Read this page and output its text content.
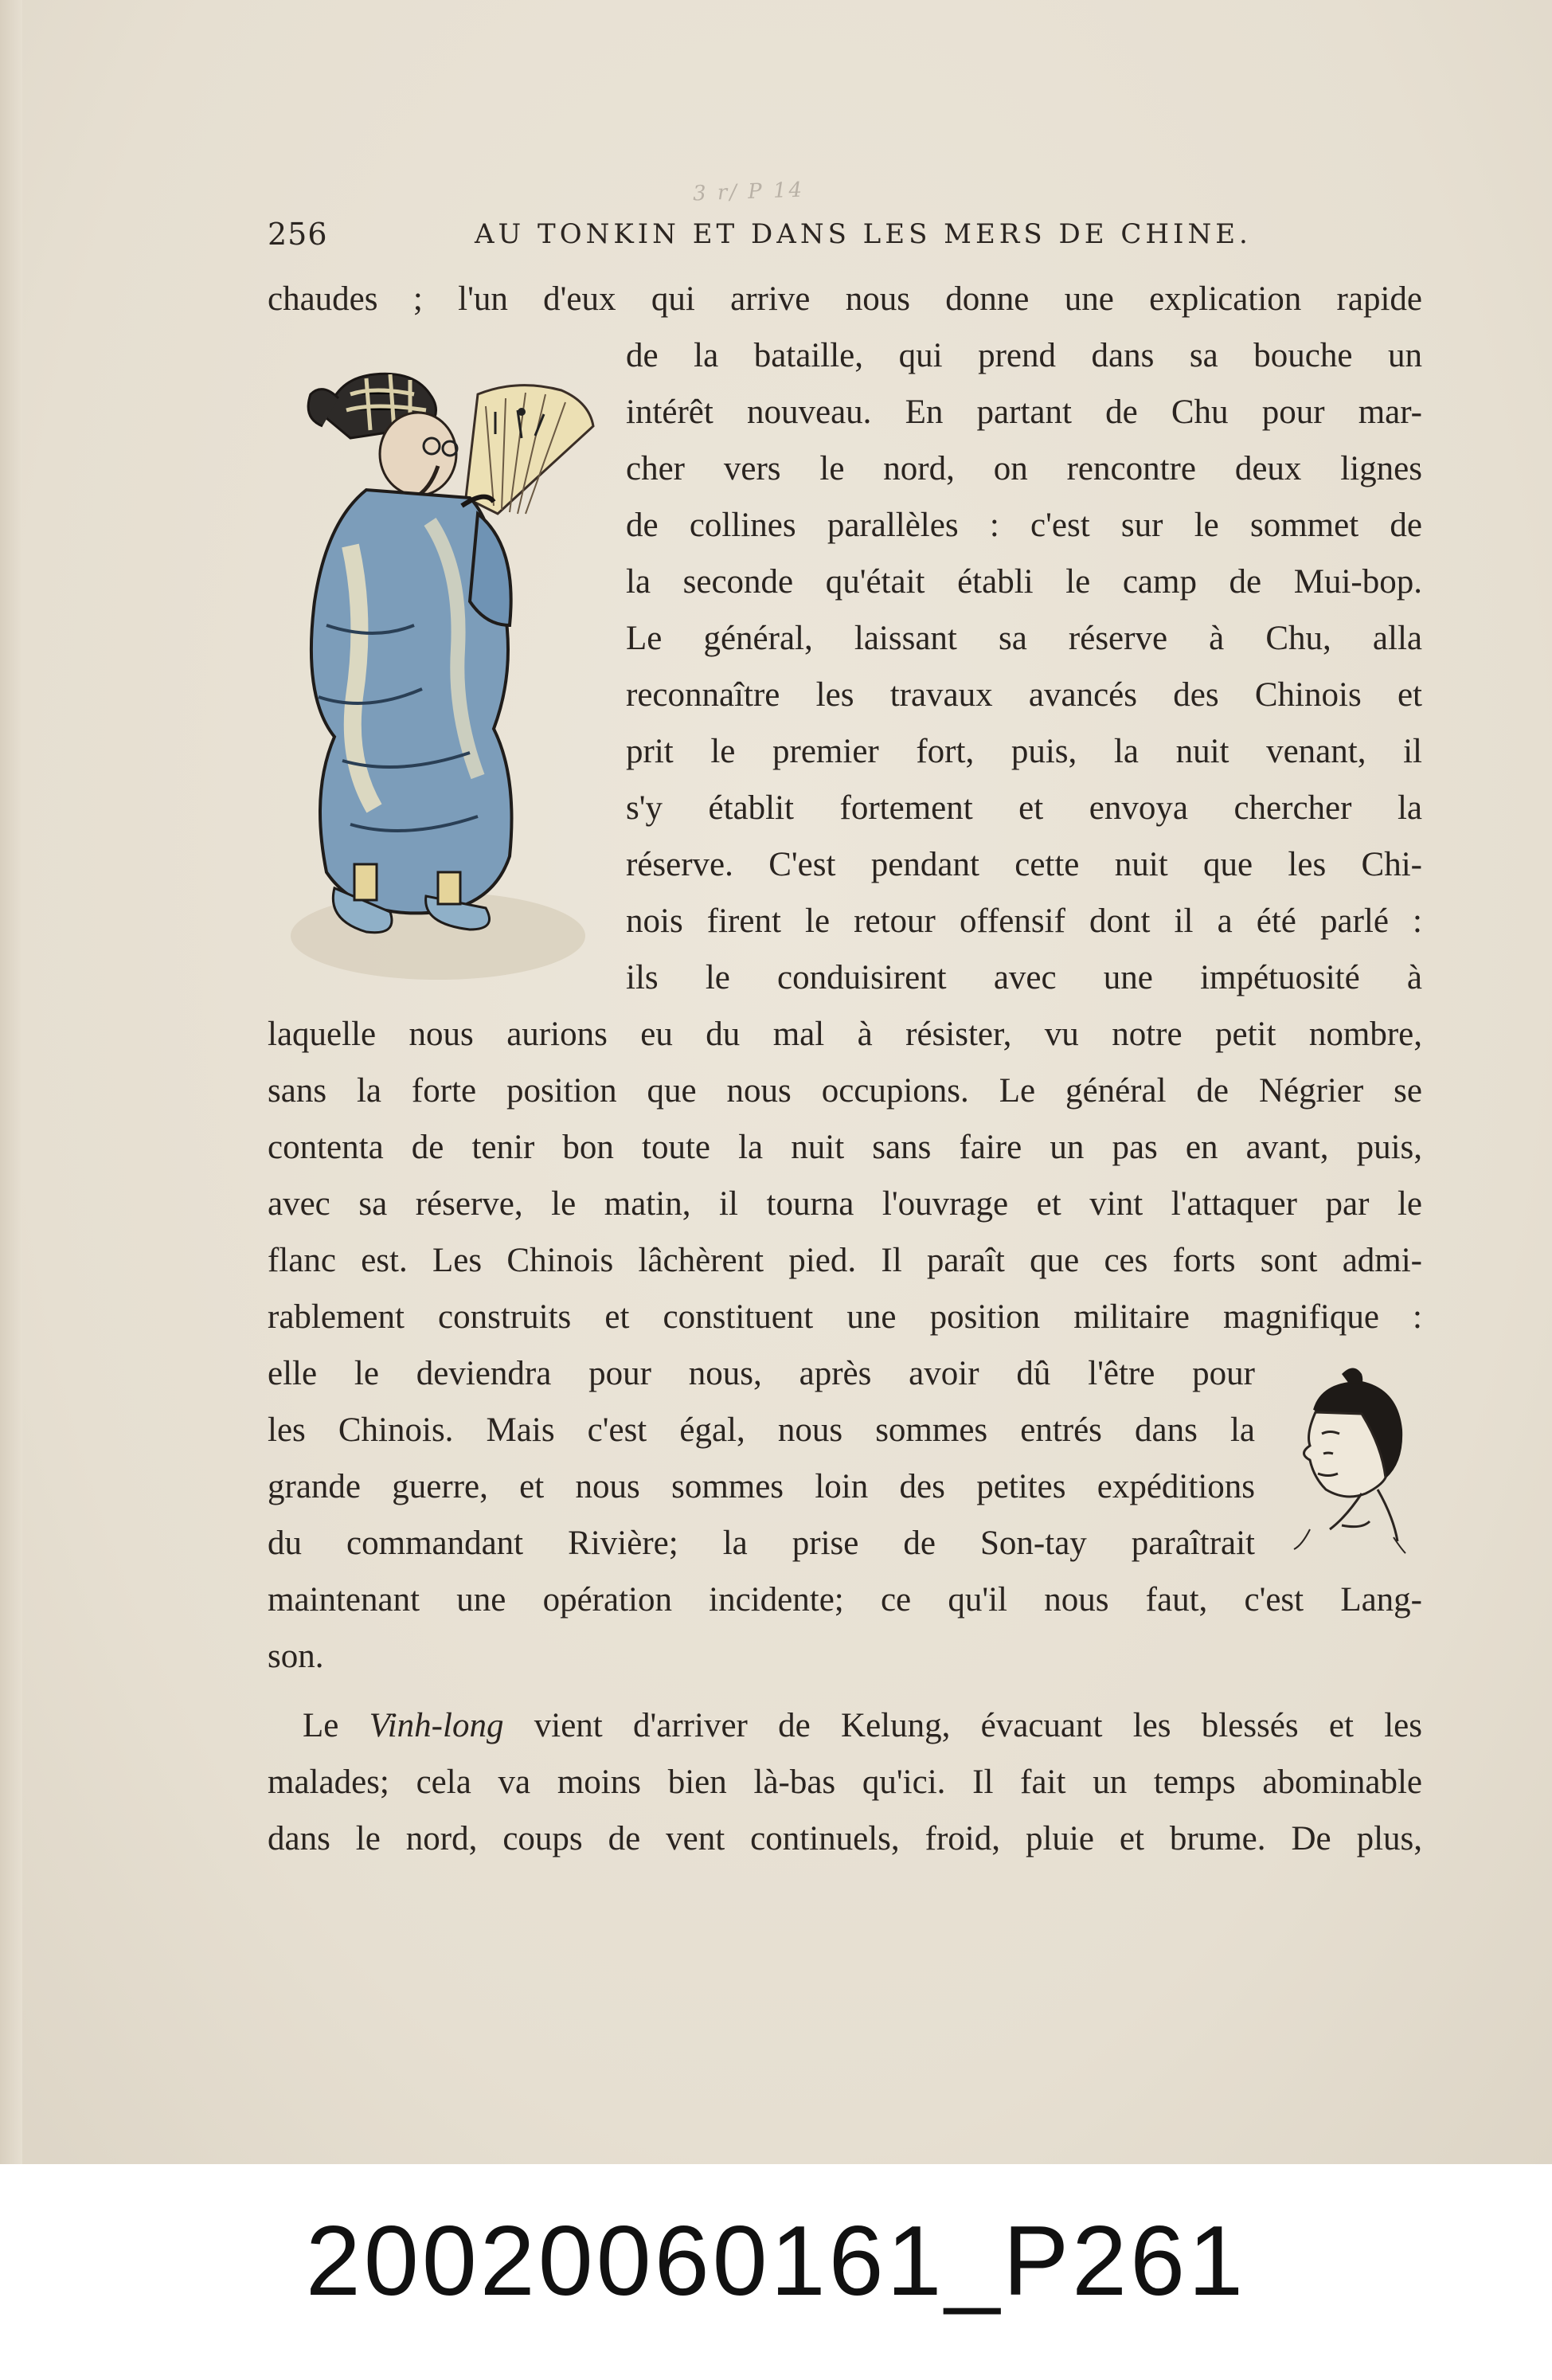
3 r/ P 14
256	AU TONKIN ET DANS LES MERS DE CHINE.
chaudes ; l'un d'eux qui arrive nous donne une explication rapide
de la bataille, qui prend dans sa bouche un
intérêt nouveau. En partant de Chu pour mar-
cher vers le nord, on rencontre deux lignes
de collines parallèles : c'est sur le sommet de
la seconde qu'était établi le camp de Mui-bop.
Le général, laissant sa réserve à Chu, alla
reconnaître les travaux avancés des Chinois et
prit le premier fort, puis, la nuit venant, il
s'y établit fortement et envoya chercher la
réserve. C'est pendant cette nuit que les Chi-
nois firent le retour offensif dont il a été parlé :
ils le conduisirent avec une impétuosité à
laquelle nous aurions eu du mal à résister, vu notre petit nombre,
sans la forte position que nous occupions. Le général de Négrier se
contenta de tenir bon toute la nuit sans faire un pas en avant, puis,
avec sa réserve, le matin, il tourna l'ouvrage et vint l'attaquer par le
flanc est. Les Chinois lâchèrent pied. Il paraît que ces forts sont admi-
rablement construits et constituent une position militaire magnifique :
elle le deviendra pour nous, après avoir dû l'être pour
les Chinois. Mais c'est égal, nous sommes entrés dans la
grande guerre, et nous sommes loin des petites expéditions
du commandant Rivière; la prise de Son-tay paraîtrait
maintenant une opération incidente; ce qu'il nous faut, c'est Lang-
son.
Le Vinh-long vient d'arriver de Kelung, évacuant les blessés et les
malades; cela va moins bien là-bas qu'ici. Il fait un temps abominable
dans le nord, coups de vent continuels, froid, pluie et brume. De plus,
20020060161_P261
